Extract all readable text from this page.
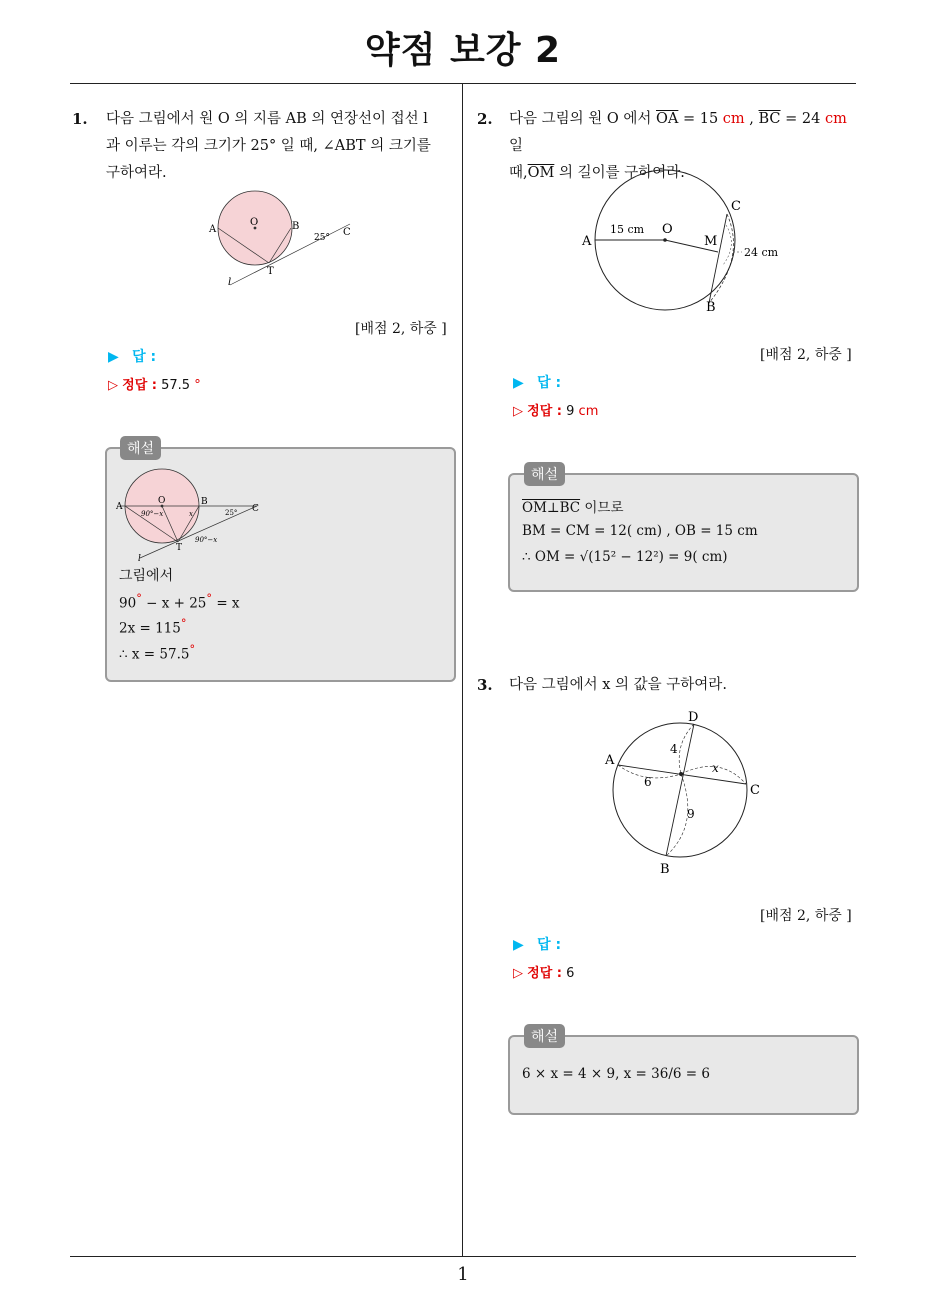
약점 보강 2
1
1. 다음 그림에서 원 O 의 지름 AB 의 연장선이 접선 l
과 이루는 각의 크기가 25° 일 때, ∠ABT 의 크기를
구하여라.
A
O	B
25° C
T
l
[배점 2, 하중 ]
▶ 답 :
▷ 정답 : 57.5 °
해설
A
O	B
C
90°−x	x	25°
90°−x
T
l
그림에서
90° − x + 25° = x
2x = 115°
∴ x = 57.5°
2. 다음 그림의 원 O 에서 $\overline{OA} = 15$ cm , $\overline{BC} = 24$ cm 일
때$,\overline{OM}$ 의 길이를 구하여라.
A
15 cm O
C
M
24 cm
B
[배점 2, 하중 ]
▶ 답 :
▷ 정답 : 9 cm
해설
OM⊥BC 이므로
BM = CM = 12( cm) , OB = 15 cm
∴ OM = √(15² − 12²) = 9( cm)
3. 다음 그림에서 x 의 값을 구하여라.
D
4
A
6
x
C
9
B
[배점 2, 하중 ]
▶ 답 :
▷ 정답 : 6
해설
6 × x = 4 × 9, x = 36/6 = 6
